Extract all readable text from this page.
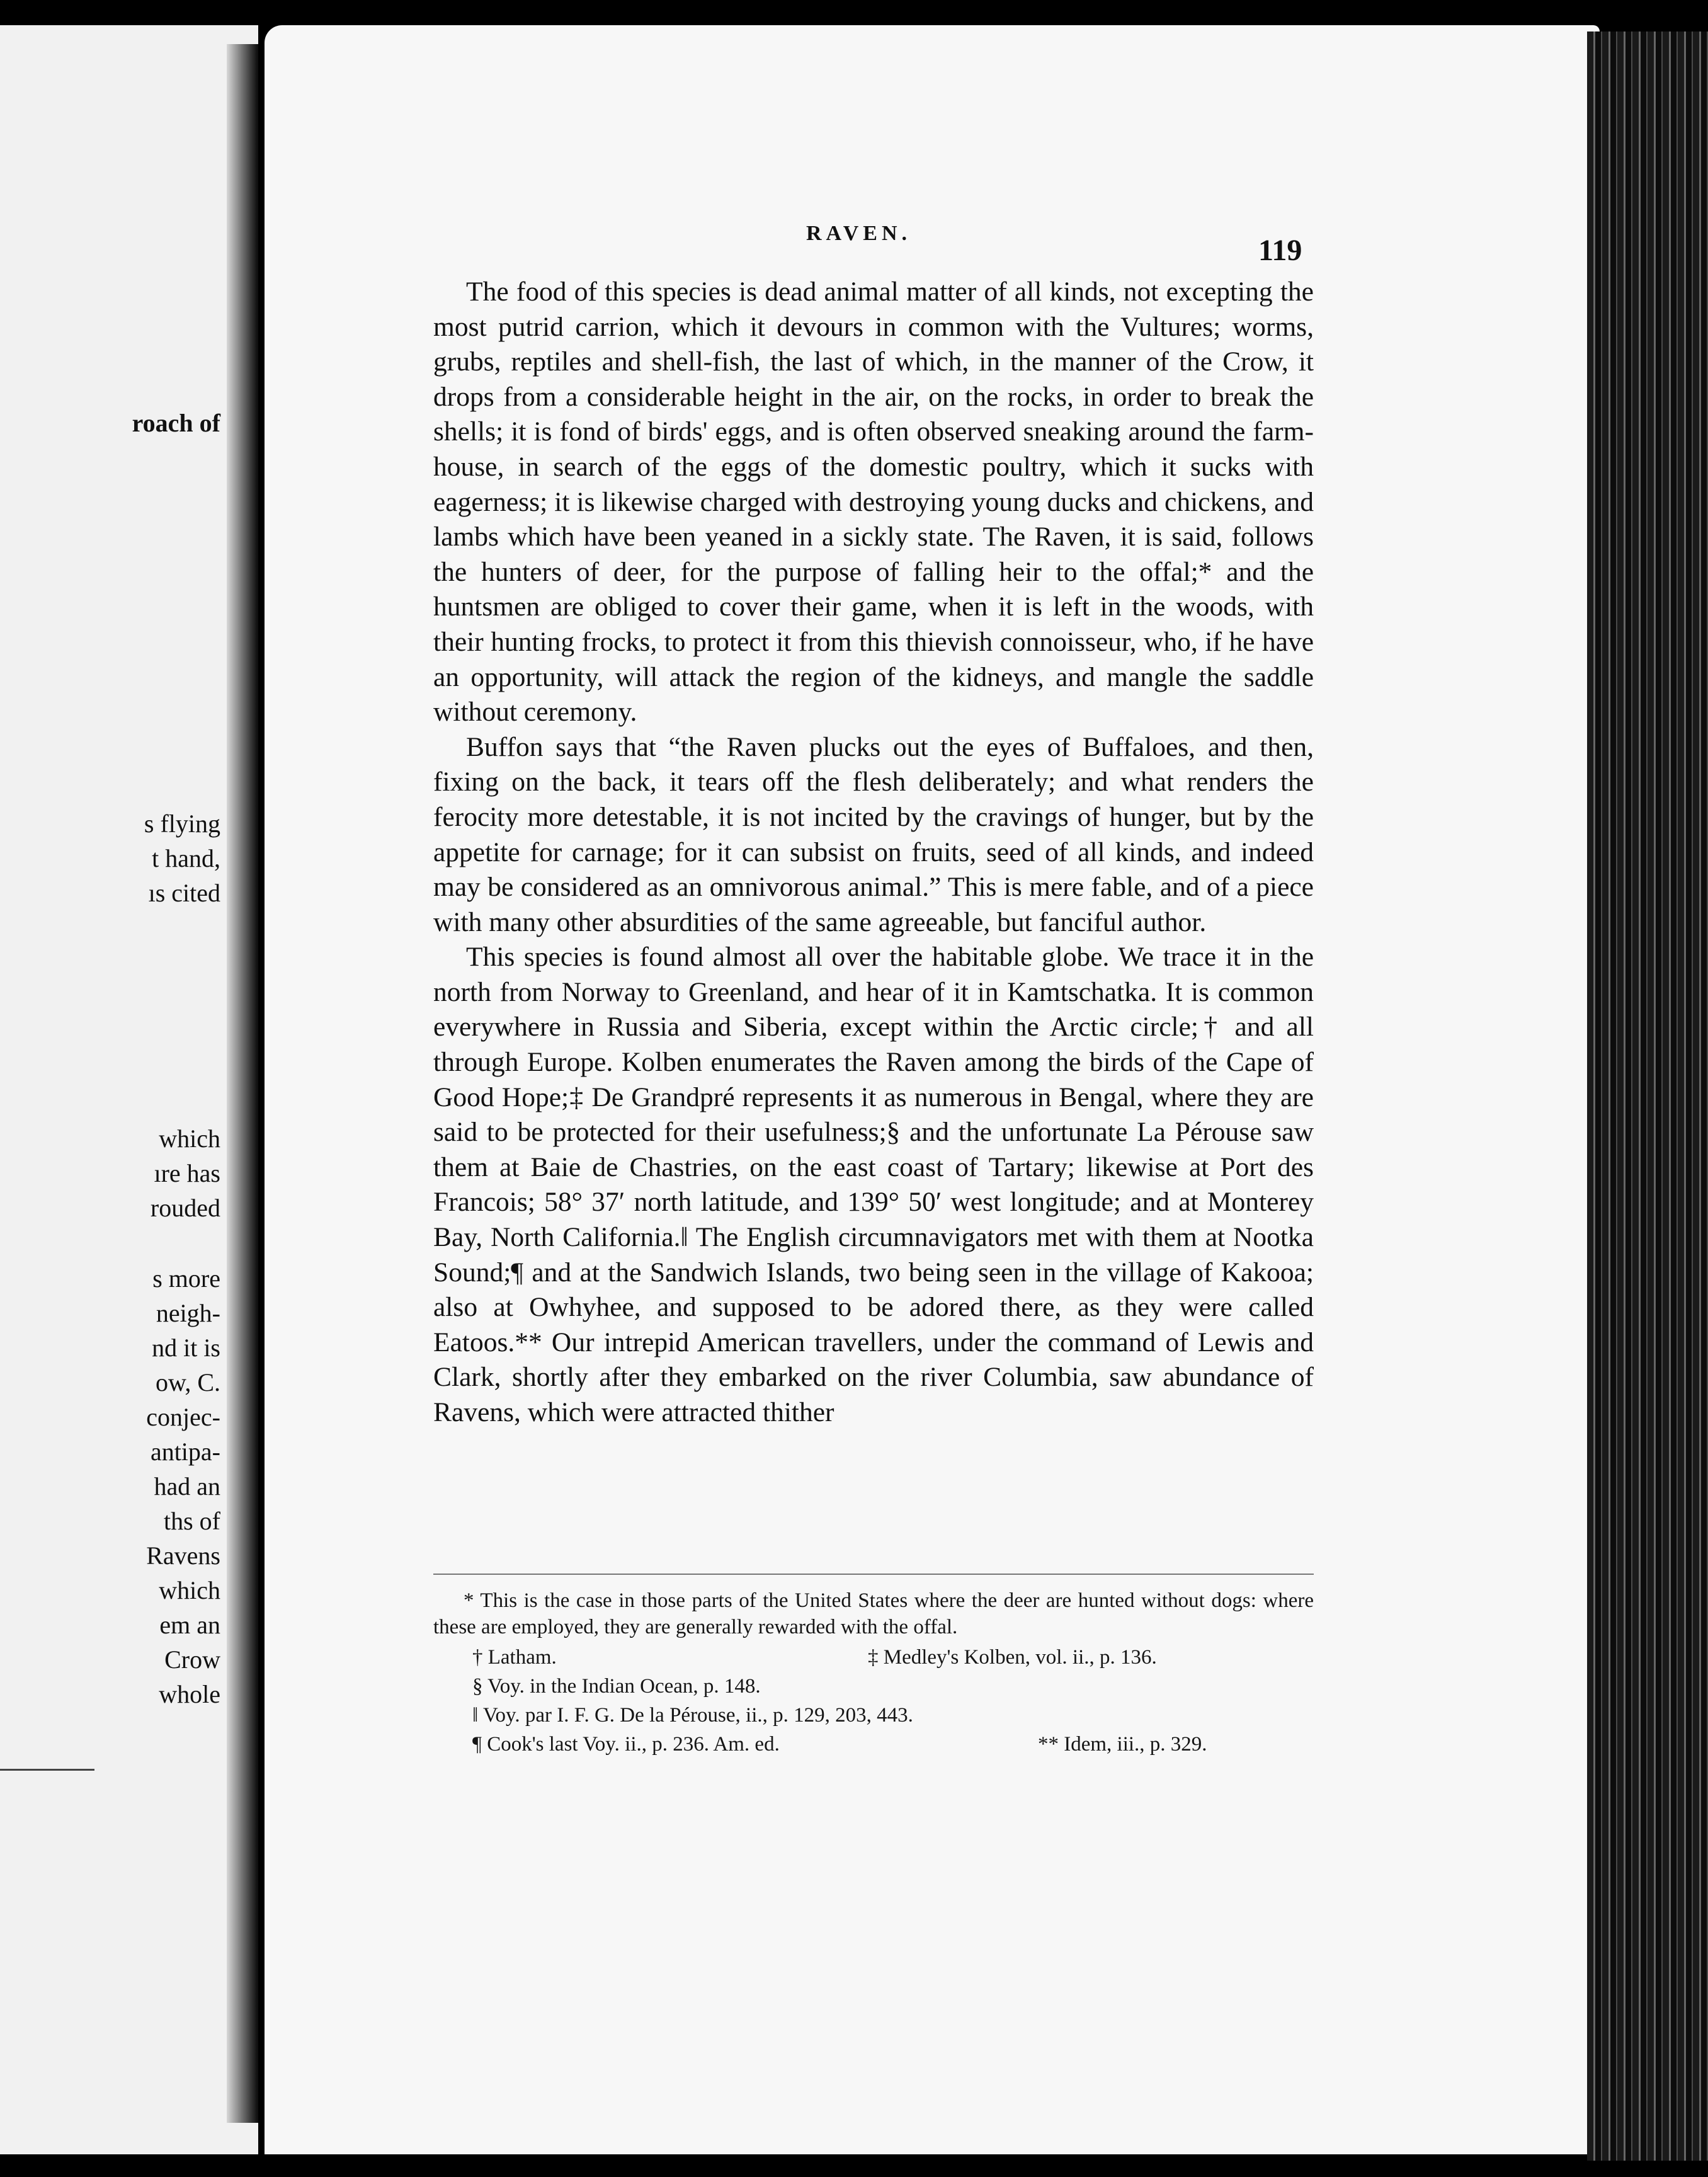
roach of
s flying
t hand,
ıs cited
which
ıre has
rouded
s more
neigh-
nd it is
ow, C.
conjec-
antipa-
had an
ths of
Ravens
which
em an
Crow
whole
RAVEN.
119

The food of this species is dead animal matter of all kinds, not excepting the most putrid carrion, which it devours in common with the Vultures; worms, grubs, reptiles and shell-fish, the last of which, in the manner of the Crow, it drops from a considerable height in the air, on the rocks, in order to break the shells; it is fond of birds' eggs, and is often observed sneaking around the farm-house, in search of the eggs of the domestic poultry, which it sucks with eagerness; it is likewise charged with destroying young ducks and chickens, and lambs which have been yeaned in a sickly state. The Raven, it is said, follows the hunters of deer, for the purpose of falling heir to the offal;* and the huntsmen are obliged to cover their game, when it is left in the woods, with their hunting frocks, to protect it from this thievish connoisseur, who, if he have an opportunity, will attack the region of the kidneys, and mangle the saddle without ceremony.

Buffon says that “the Raven plucks out the eyes of Buffaloes, and then, fixing on the back, it tears off the flesh deliberately; and what renders the ferocity more detestable, it is not incited by the cravings of hunger, but by the appetite for carnage; for it can subsist on fruits, seed of all kinds, and indeed may be considered as an omnivorous animal.” This is mere fable, and of a piece with many other absurdities of the same agreeable, but fanciful author.

This species is found almost all over the habitable globe. We trace it in the north from Norway to Greenland, and hear of it in Kamtschatka. It is common everywhere in Russia and Siberia, except within the Arctic circle;† and all through Europe. Kolben enumerates the Raven among the birds of the Cape of Good Hope;‡ De Grandpré represents it as numerous in Bengal, where they are said to be protected for their usefulness;§ and the unfortunate La Pérouse saw them at Baie de Chastries, on the east coast of Tartary; likewise at Port des Francois; 58° 37′ north latitude, and 139° 50′ west longitude; and at Monterey Bay, North California.‖ The English circumnavigators met with them at Nootka Sound;¶ and at the Sandwich Islands, two being seen in the village of Kakooa; also at Owhyhee, and supposed to be adored there, as they were called Eatoos.** Our intrepid American travellers, under the command of Lewis and Clark, shortly after they embarked on the river Columbia, saw abundance of Ravens, which were attracted thither

* This is the case in those parts of the United States where the deer are hunted without dogs: where these are employed, they are generally rewarded with the offal.

† Latham.	‡ Medley's Kolben, vol. ii., p. 136.
§ Voy. in the Indian Ocean, p. 148.
‖ Voy. par I. F. G. De la Pérouse, ii., p. 129, 203, 443.
¶ Cook's last Voy. ii., p. 236. Am. ed.	** Idem, iii., p. 329.
